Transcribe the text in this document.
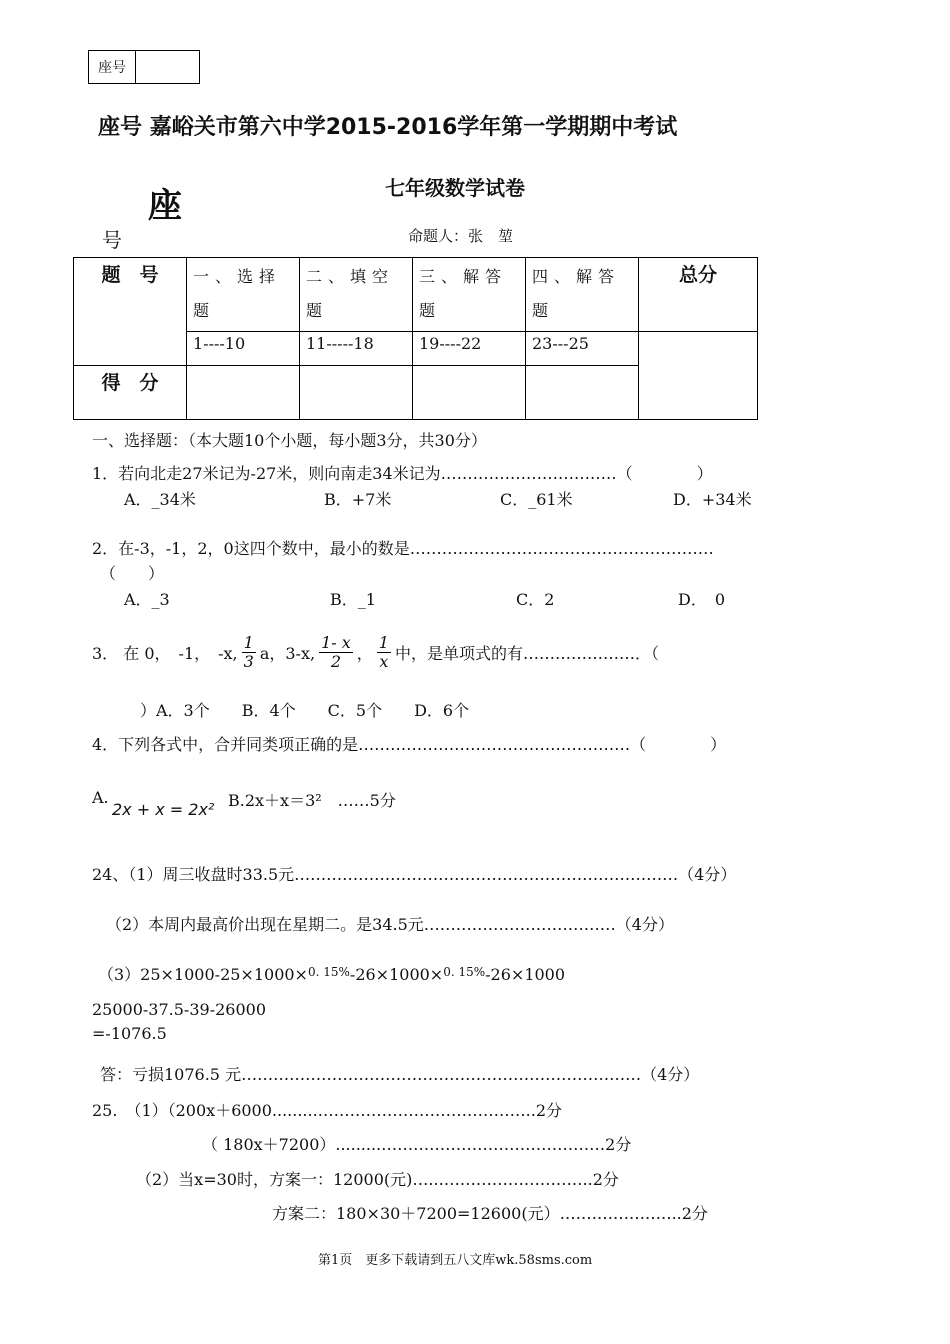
座号
座号 嘉峪关市第六中学2015-2016学年第一学期期中考试
座
号
七年级数学试卷
命题人：张　堃
题　号	一、选择题	二、填空题	三、解答题	四、解答题	总分
	1----10	11-----18	19----22	23---25	
得　分					
一、选择题：（本大题10个小题，每小题3分，共30分）
1．若向北走27米记为-27米，则向南走34米记为……………………………（　　　　）
A．_34米	B．+7米	C．_61米	D．+34米
2．在-3，-1，2，0这四个数中，最小的数是…………………………………………………
（　　）
A．_3	B．_1	C．2	D．　0
3． 在 0，　-1，　-x, $\frac{1}{3}$ a，3-x, $\frac{1- x}{2}$ ， $\frac{1}{x}$ 中，是单项式的有…………………．（
）A．3个　　B．4个　　C．5个　　D．6个
4．下列各式中，合并同类项正确的是……………………………………………（　　　　）
A.
2x + x = 2x² B.2x＋x＝3²　……5分
24、（1）周三收盘时33.5元………………………………………………………………（4分）
（2）本周内最高价出现在星期二。是34.5元………………………………（4分）
（3）25×1000-25×1000×$^{0. 15\%}$-26×1000×$^{0. 15\%}$-26×1000
25000-37.5-39-26000
=-1076.5
答：亏损1076.5 元…………………………………………………………………（4分）
25.　（1）（200x＋6000.........…………………………………..2分
（ 180x＋7200）.........……………………………………2分
（2）当x=30时，方案一：12000(元)…..………………………..2分
方案二：180×30＋7200=12600(元）…………………..2分
第1页　更多下载请到五八文库wk.58sms.com
